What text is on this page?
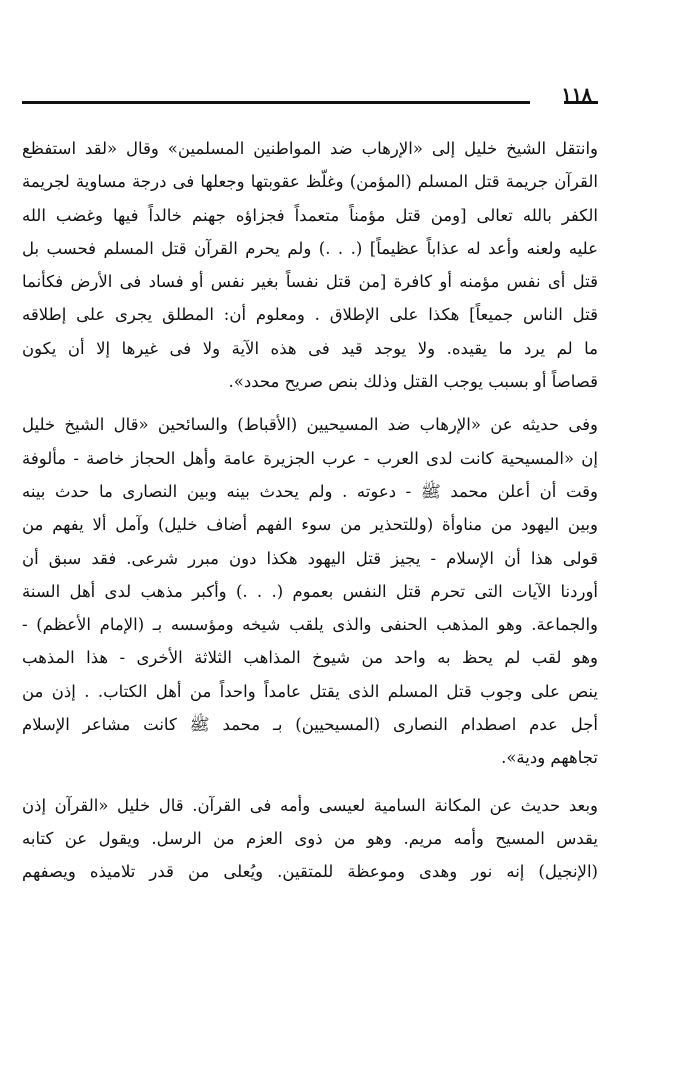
١١٨

وانتقل الشيخ خليل إلى «الإرهاب ضد المواطنين المسلمين» وقال «لقد استفظع
القرآن جريمة قتل المسلم (المؤمن) وغلّظ عقوبتها وجعلها فى درجة مساوية لجريمة
الكفر بالله تعالى [ومن قتل مؤمناً متعمداً فجزاؤه جهنم خالداً فيها وغضب الله
عليه ولعنه وأعد له عذاباً عظيماً] (. . .) ولم يحرم القرآن قتل المسلم فحسب بل
قتل أى نفس مؤمنه أو كافرة [من قتل نفساً بغير نفس أو فساد فى الأرض فكأنما
قتل الناس جميعاً] هكذا على الإطلاق . ومعلوم أن: المطلق يجرى على إطلاقه
ما لم يرد ما يقيده. ولا يوجد قيد فى هذه الآية ولا فى غيرها إلا أن يكون
قصاصاً أو بسبب يوجب القتل وذلك بنص صريح محدد».

وفى حديثه عن «الإرهاب ضد المسيحيين (الأقباط) والسائحين «قال الشيخ خليل
إن «المسيحية كانت لدى العرب - عرب الجزيرة عامة وأهل الحجاز خاصة - مألوفة
وقت أن أعلن محمد ﷺ - دعوته . ولم يحدث بينه وبين النصارى ما حدث بينه
وبين اليهود من مناوأة (وللتحذير من سوء الفهم أضاف خليل) وآمل ألا يفهم من
قولى هذا أن الإسلام - يجيز قتل اليهود هكذا دون مبرر شرعى. فقد سبق أن
أوردنا الآيات التى تحرم قتل النفس بعموم (. . .) وأكبر مذهب لدى أهل السنة
والجماعة. وهو المذهب الحنفى والذى يلقب شيخه ومؤسسه بـ (الإمام الأعظم) -
وهو لقب لم يحظ به واحد من شيوخ المذاهب الثلاثة الأخرى - هذا المذهب
ينص على وجوب قتل المسلم الذى يقتل عامداً واحداً من أهل الكتاب. . إذن من
أجل عدم اصطدام النصارى (المسيحيين) بـ محمد ﷺ كانت مشاعر الإسلام
تجاههم ودية».

وبعد حديث عن المكانة السامية لعيسى وأمه فى القرآن. قال خليل «القرآن إذن
يقدس المسيح وأمه مريم. وهو من ذوى العزم من الرسل. ويقول عن كتابه
(الإنجيل) إنه نور وهدى وموعظة للمتقين. ويُعلى من قدر تلاميذه ويصفهم
